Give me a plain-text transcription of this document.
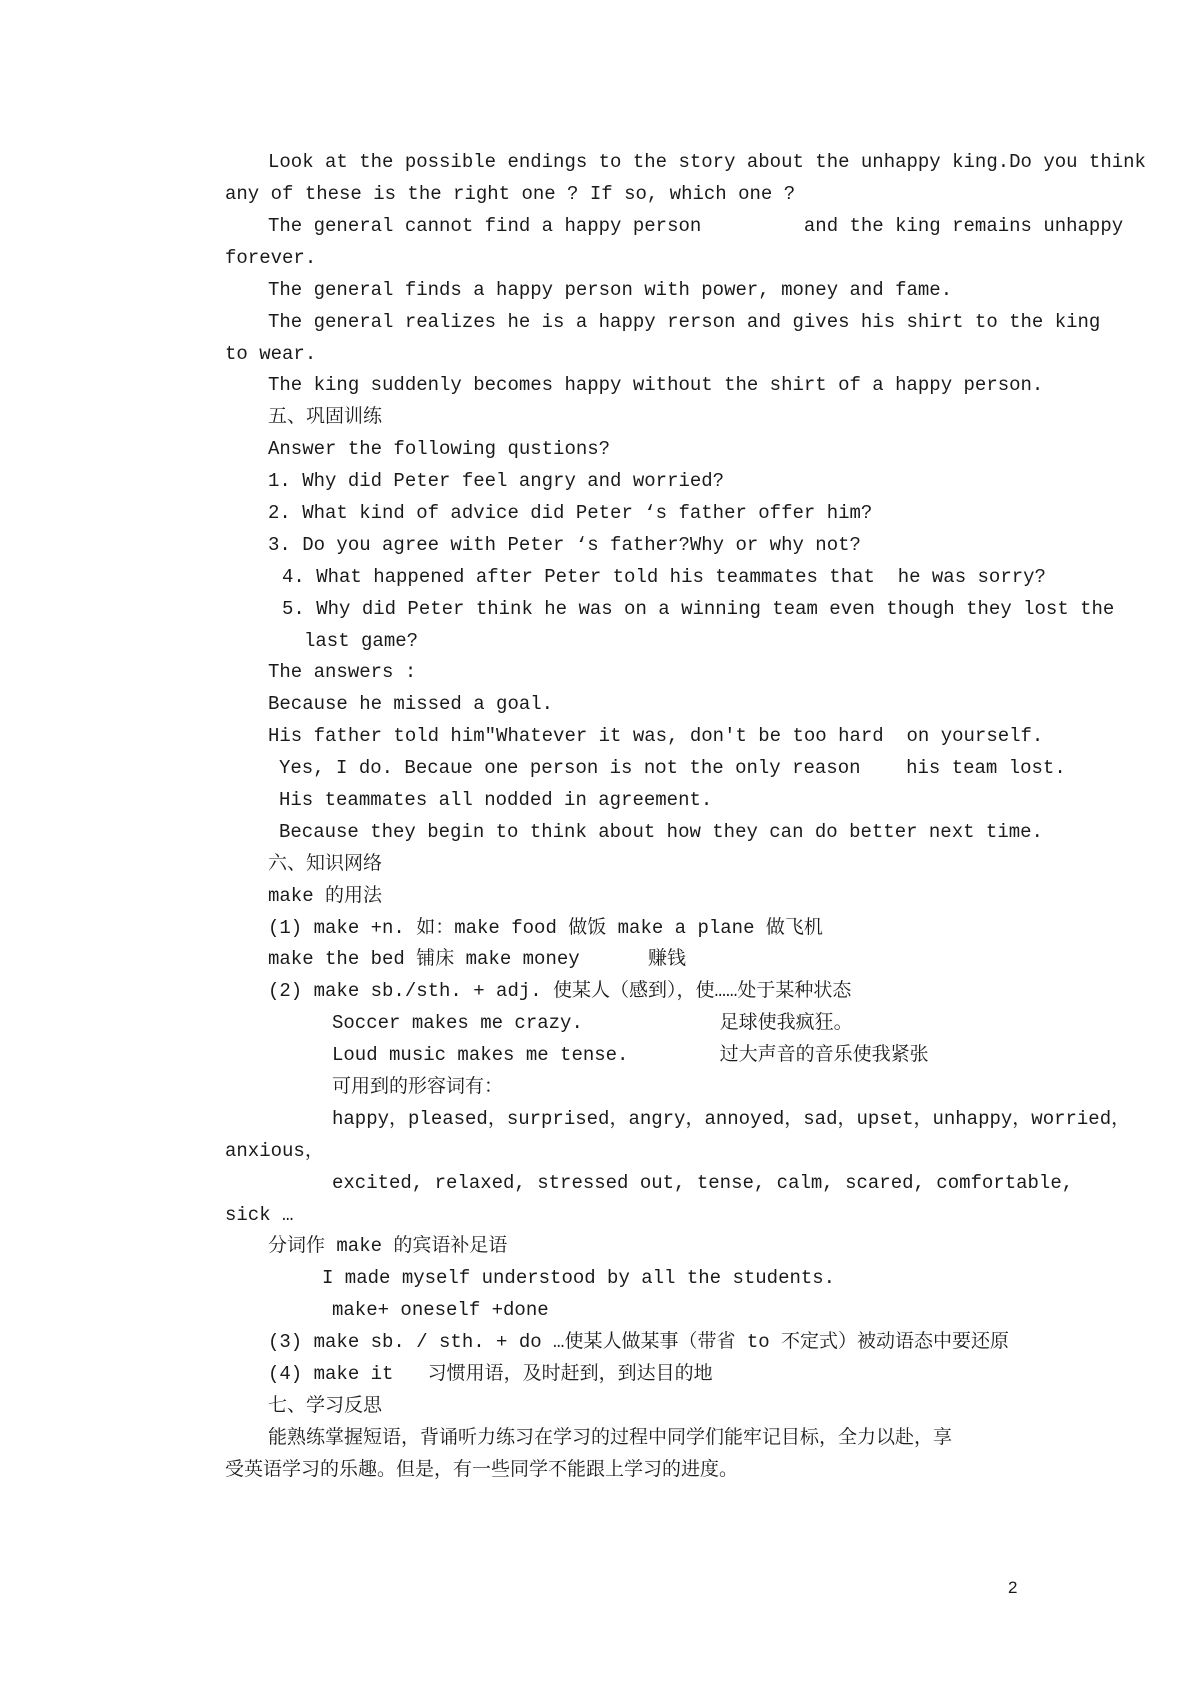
Look at the possible endings to the story about the unhappy king.Do you think
any of these is the right one ? If so, which one ?
The general cannot find a happy person         and the king remains unhappy
forever.
The general finds a happy person with power, money and fame.
The general realizes he is a happy rerson and gives his shirt to the king
to wear.
The king suddenly becomes happy without the shirt of a happy person.
五、巩固训练
Answer the following qustions?
1. Why did Peter feel angry and worried?
2. What kind of advice did Peter ‘s father offer him?
3. Do you agree with Peter ‘s father?Why or why not?
4. What happened after Peter told his teammates that  he was sorry?
5. Why did Peter think he was on a winning team even though they lost the
last game?
The answers :
Because he missed a goal.
His father told him"Whatever it was, don't be too hard  on yourself.
Yes, I do. Becaue one person is not the only reason    his team lost.
His teammates all nodded in agreement.
Because they begin to think about how they can do better next time.
六、知识网络
make 的用法
(1) make +n. 如：make food 做饭 make a plane 做飞机
make the bed 铺床 make money      赚钱
(2) make sb./sth. + adj. 使某人（感到），使……处于某种状态
Soccer makes me crazy.            足球使我疯狂。
Loud music makes me tense.        过大声音的音乐使我紧张
可用到的形容词有：
happy，pleased，surprised，angry，annoyed，sad，upset，unhappy，worried，
anxious，
excited, relaxed, stressed out, tense, calm, scared, comfortable,
sick …
分词作 make 的宾语补足语
I made myself understood by all the students.
make+ oneself +done
(3) make sb. / sth. + do …使某人做某事（带省 to 不定式）被动语态中要还原
(4) make it   习惯用语，及时赶到，到达目的地
七、学习反思
能熟练掌握短语，背诵听力练习在学习的过程中同学们能牢记目标，全力以赴，享
受英语学习的乐趣。但是，有一些同学不能跟上学习的进度。
2
